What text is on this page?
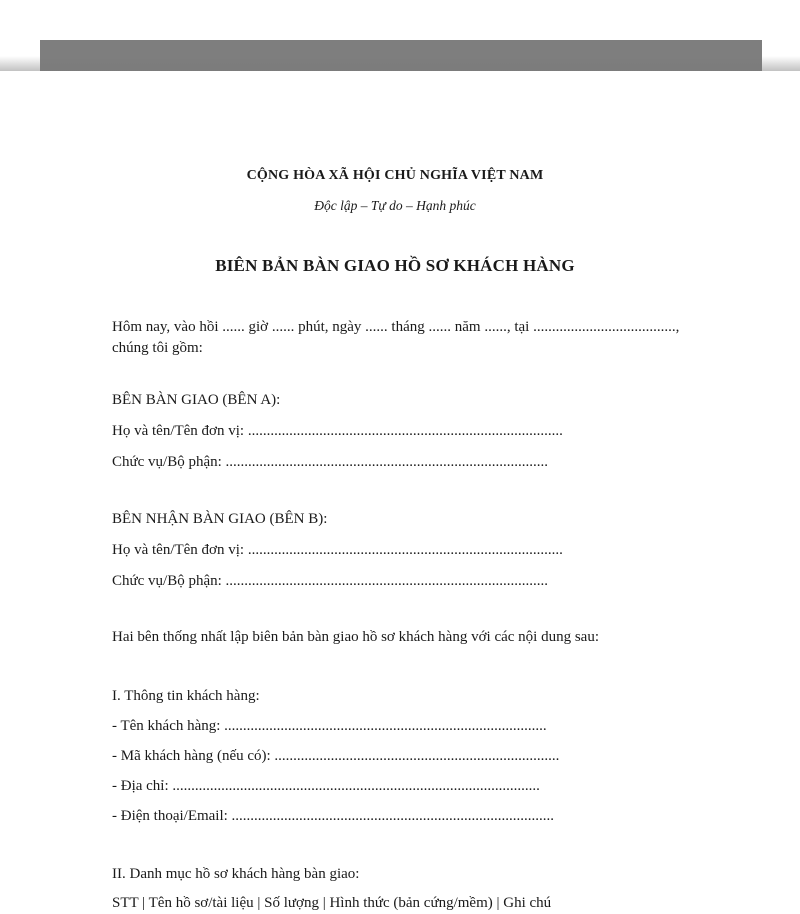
CỘNG HÒA XÃ HỘI CHỦ NGHĨA VIỆT NAM

Độc lập – Tự do – Hạnh phúc

BIÊN BẢN BÀN GIAO HỒ SƠ KHÁCH HÀNG

Hôm nay, vào hồi ...... giờ ...... phút, ngày ...... tháng ...... năm ......, tại ......................................,

chúng tôi gồm:

BÊN BÀN GIAO (BÊN A):

Họ và tên/Tên đơn vị: ....................................................................................

Chức vụ/Bộ phận: ......................................................................................

BÊN NHẬN BÀN GIAO (BÊN B):

Họ và tên/Tên đơn vị: ....................................................................................

Chức vụ/Bộ phận: ......................................................................................

Hai bên thống nhất lập biên bản bàn giao hồ sơ khách hàng với các nội dung sau:

I. Thông tin khách hàng:

- Tên khách hàng: ......................................................................................

- Mã khách hàng (nếu có): ............................................................................

- Địa chỉ: ..................................................................................................

- Điện thoại/Email: ......................................................................................

II. Danh mục hồ sơ khách hàng bàn giao:

STT | Tên hồ sơ/tài liệu | Số lượng | Hình thức (bản cứng/mềm) | Ghi chú
